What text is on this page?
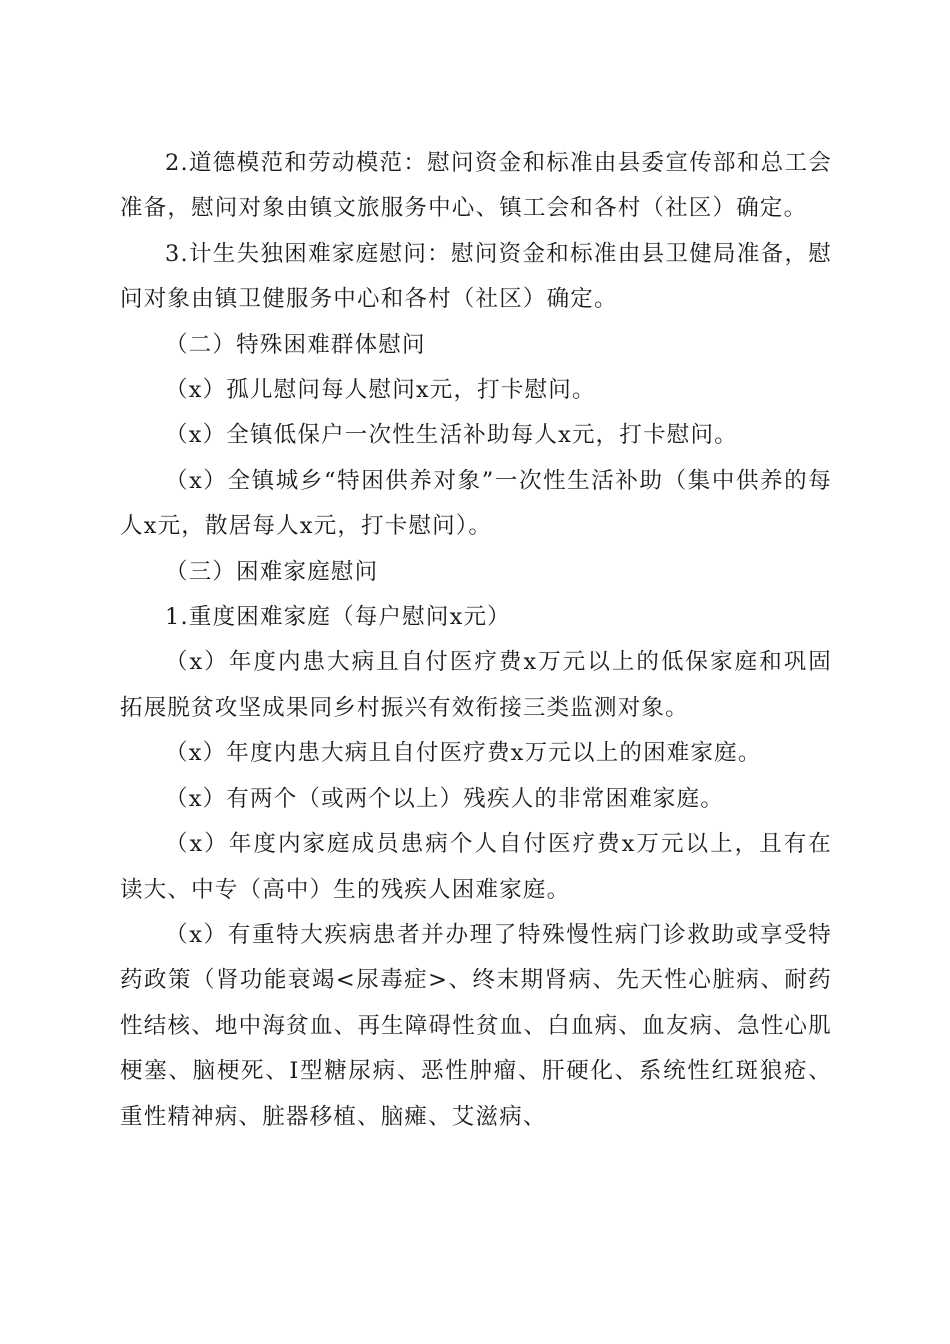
2.道德模范和劳动模范：慰问资金和标准由县委宣传部和总工会准备，慰问对象由镇文旅服务中心、镇工会和各村（社区）确定。

3.计生失独困难家庭慰问：慰问资金和标准由县卫健局准备，慰问对象由镇卫健服务中心和各村（社区）确定。

（二）特殊困难群体慰问

（x）孤儿慰问每人慰问x元，打卡慰问。

（x）全镇低保户一次性生活补助每人x元，打卡慰问。

（x）全镇城乡“特困供养对象”一次性生活补助（集中供养的每人x元，散居每人x元，打卡慰问）。

（三）困难家庭慰问

1.重度困难家庭（每户慰问x元）

（x）年度内患大病且自付医疗费x万元以上的低保家庭和巩固拓展脱贫攻坚成果同乡村振兴有效衔接三类监测对象。

（x）年度内患大病且自付医疗费x万元以上的困难家庭。

（x）有两个（或两个以上）残疾人的非常困难家庭。

（x）年度内家庭成员患病个人自付医疗费x万元以上，且有在读大、中专（高中）生的残疾人困难家庭。

（x）有重特大疾病患者并办理了特殊慢性病门诊救助或享受特药政策（肾功能衰竭<尿毒症>、终末期肾病、先天性心脏病、耐药性结核、地中海贫血、再生障碍性贫血、白血病、血友病、急性心肌梗塞、脑梗死、I型糖尿病、恶性肿瘤、肝硬化、系统性红斑狼疮、重性精神病、脏器移植、脑瘫、艾滋病、
